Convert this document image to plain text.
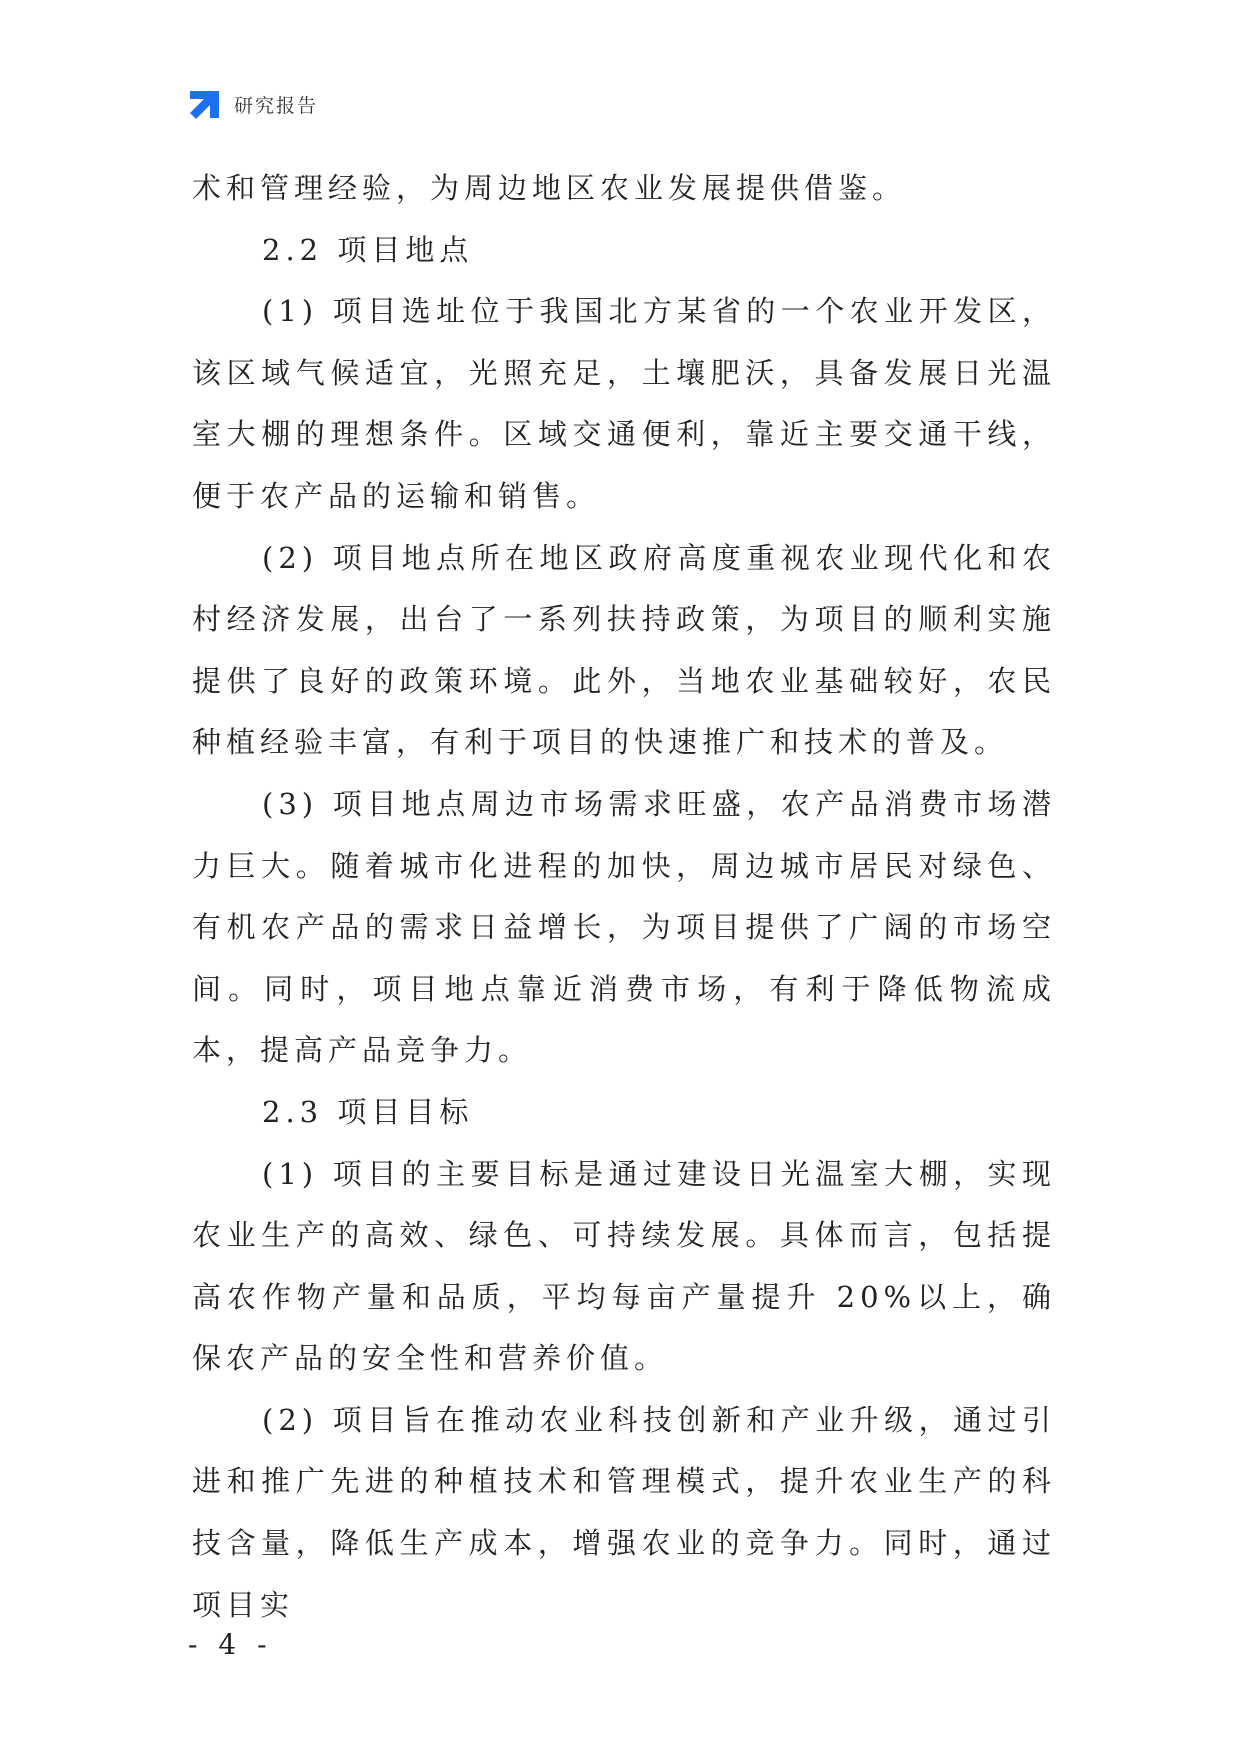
研究报告

术和管理经验，为周边地区农业发展提供借鉴。

2.2 项目地点

(1) 项目选址位于我国北方某省的一个农业开发区，该区域气候适宜，光照充足，土壤肥沃，具备发展日光温室大棚的理想条件。区域交通便利，靠近主要交通干线，便于农产品的运输和销售。

(2) 项目地点所在地区政府高度重视农业现代化和农村经济发展，出台了一系列扶持政策，为项目的顺利实施提供了良好的政策环境。此外，当地农业基础较好，农民种植经验丰富，有利于项目的快速推广和技术的普及。

(3) 项目地点周边市场需求旺盛，农产品消费市场潜力巨大。随着城市化进程的加快，周边城市居民对绿色、有机农产品的需求日益增长，为项目提供了广阔的市场空间。同时，项目地点靠近消费市场，有利于降低物流成本，提高产品竞争力。

2.3 项目目标

(1) 项目的主要目标是通过建设日光温室大棚，实现农业生产的高效、绿色、可持续发展。具体而言，包括提高农作物产量和品质，平均每亩产量提升 20%以上，确保农产品的安全性和营养价值。

(2) 项目旨在推动农业科技创新和产业升级，通过引进和推广先进的种植技术和管理模式，提升农业生产的科技含量，降低生产成本，增强农业的竞争力。同时，通过项目实

- 4 -
